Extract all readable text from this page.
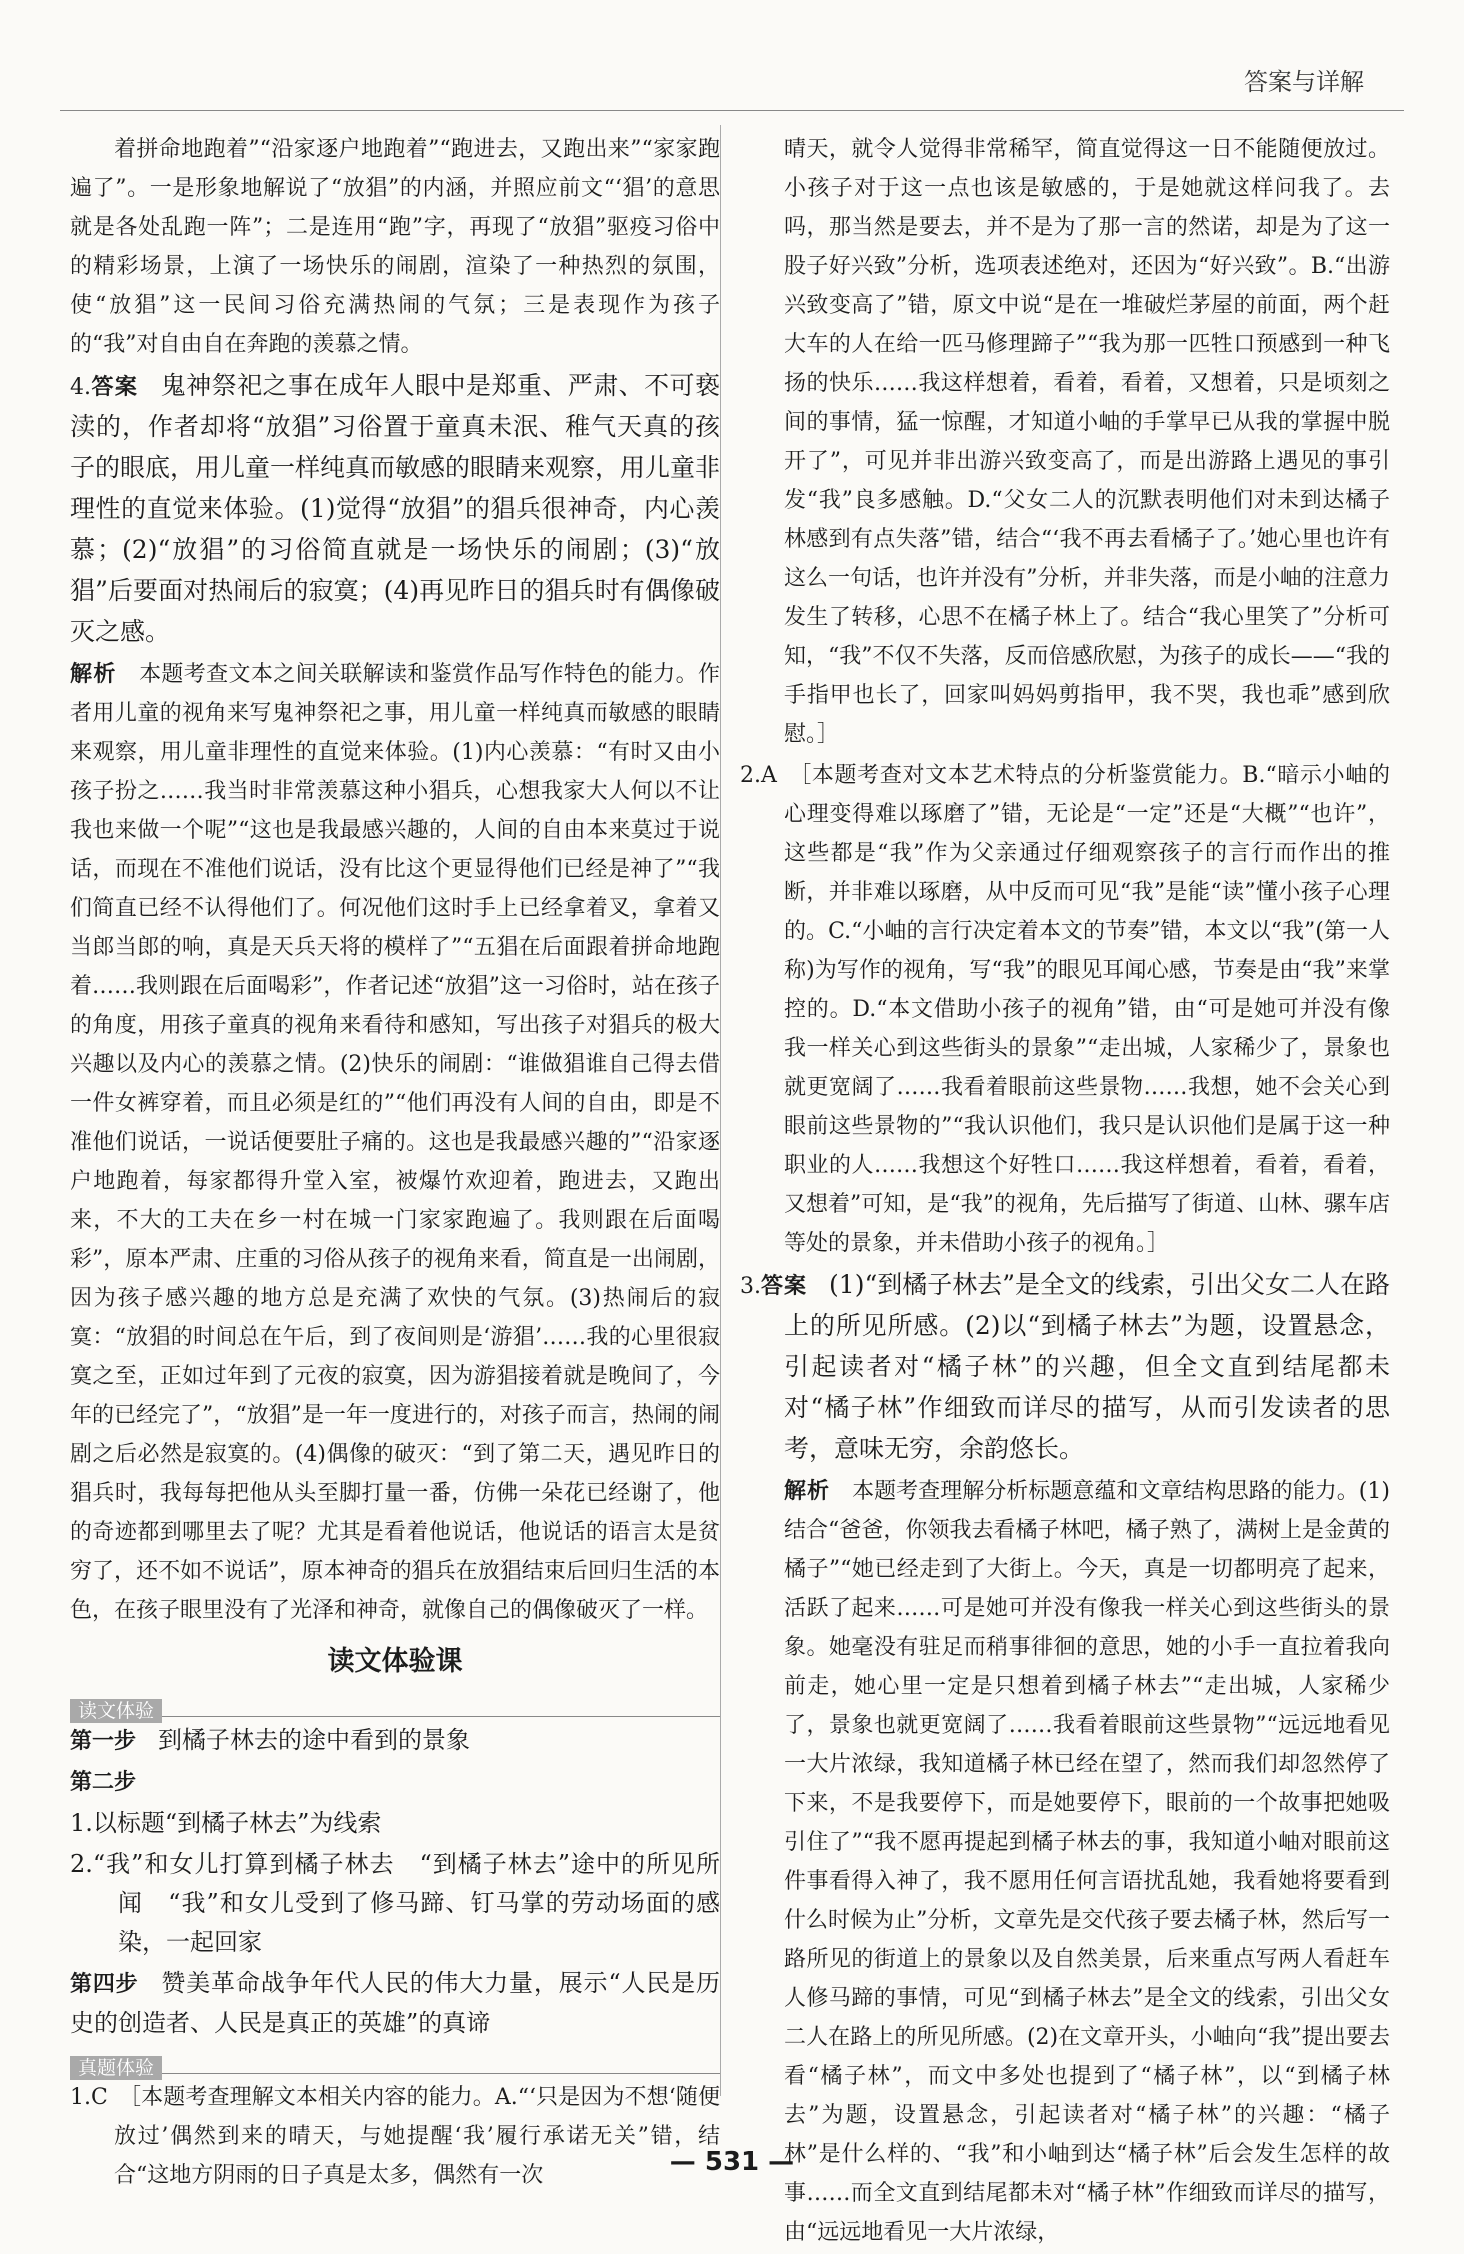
答案与详解

着拼命地跑着”“沿家逐户地跑着”“跑进去，又跑出来”“家家跑遍了”。一是形象地解说了“放猖”的内涵，并照应前文“‘猖’的意思就是各处乱跑一阵”；二是连用“跑”字，再现了“放猖”驱疫习俗中的精彩场景，上演了一场快乐的闹剧，渲染了一种热烈的氛围，使“放猖”这一民间习俗充满热闹的气氛；三是表现作为孩子的“我”对自由自在奔跑的羡慕之情。

4.答案　 鬼神祭祀之事在成年人眼中是郑重、严肃、不可亵渎的，作者却将“放猖”习俗置于童真未泯、稚气天真的孩子的眼底，用儿童一样纯真而敏感的眼睛来观察，用儿童非理性的直觉来体验。(1)觉得“放猖”的猖兵很神奇，内心羡慕；(2)“放猖”的习俗简直就是一场快乐的闹剧；(3)“放猖”后要面对热闹后的寂寞；(4)再见昨日的猖兵时有偶像破灭之感。

解析　 本题考查文本之间关联解读和鉴赏作品写作特色的能力。作者用儿童的视角来写鬼神祭祀之事，用儿童一样纯真而敏感的眼睛来观察，用儿童非理性的直觉来体验。(1)内心羡慕：“有时又由小孩子扮之……我当时非常羡慕这种小猖兵，心想我家大人何以不让我也来做一个呢”“这也是我最感兴趣的，人间的自由本来莫过于说话，而现在不准他们说话，没有比这个更显得他们已经是神了”“我们简直已经不认得他们了。何况他们这时手上已经拿着叉，拿着又当郎当郎的响，真是天兵天将的模样了”“五猖在后面跟着拼命地跑着……我则跟在后面喝彩”，作者记述“放猖”这一习俗时，站在孩子的角度，用孩子童真的视角来看待和感知，写出孩子对猖兵的极大兴趣以及内心的羡慕之情。(2)快乐的闹剧：“谁做猖谁自己得去借一件女裤穿着，而且必须是红的”“他们再没有人间的自由，即是不准他们说话，一说话便要肚子痛的。这也是我最感兴趣的”“沿家逐户地跑着，每家都得升堂入室，被爆竹欢迎着，跑进去，又跑出来，不大的工夫在乡一村在城一门家家跑遍了。我则跟在后面喝彩”，原本严肃、庄重的习俗从孩子的视角来看，简直是一出闹剧，因为孩子感兴趣的地方总是充满了欢快的气氛。(3)热闹后的寂寞：“放猖的时间总在午后，到了夜间则是‘游猖’……我的心里很寂寞之至，正如过年到了元夜的寂寞，因为游猖接着就是晚间了，今年的已经完了”，“放猖”是一年一度进行的，对孩子而言，热闹的闹剧之后必然是寂寞的。(4)偶像的破灭：“到了第二天，遇见昨日的猖兵时，我每每把他从头至脚打量一番，仿佛一朵花已经谢了，他的奇迹都到哪里去了呢？尤其是看着他说话，他说话的语言太是贫穷了，还不如不说话”，原本神奇的猖兵在放猖结束后回归生活的本色，在孩子眼里没有了光泽和神奇，就像自己的偶像破灭了一样。

读文体验课
读文体验

第一步　 到橘子林去的途中看到的景象

第二步

1.以标题“到橘子林去”为线索

2.“我”和女儿打算到橘子林去　“到橘子林去”途中的所见所闻　“我”和女儿受到了修马蹄、钉马掌的劳动场面的感染，一起回家

第四步　 赞美革命战争年代人民的伟大力量，展示“人民是历史的创造者、人民是真正的英雄”的真谛

真题体验

1.C　 ［本题考查理解文本相关内容的能力。A.“‘只是因为不想‘随便放过’偶然到来的晴天，与她提醒‘我’履行承诺无关”错，结合“这地方阴雨的日子真是太多，偶然有一次

晴天，就令人觉得非常稀罕，简直觉得这一日不能随便放过。小孩子对于这一点也该是敏感的，于是她就这样问我了。去吗，那当然是要去，并不是为了那一言的然诺，却是为了这一股子好兴致”分析，选项表述绝对，还因为“好兴致”。B.“出游兴致变高了”错，原文中说“是在一堆破烂茅屋的前面，两个赶大车的人在给一匹马修理蹄子”“我为那一匹牲口预感到一种飞扬的快乐……我这样想着，看着，看着，又想着，只是顷刻之间的事情，猛一惊醒，才知道小岫的手掌早已从我的掌握中脱开了”，可见并非出游兴致变高了，而是出游路上遇见的事引发“我”良多感触。D.“父女二人的沉默表明他们对未到达橘子林感到有点失落”错，结合“‘我不再去看橘子了。’她心里也许有这么一句话，也许并没有”分析，并非失落，而是小岫的注意力发生了转移，心思不在橘子林上了。结合“我心里笑了”分析可知，“我”不仅不失落，反而倍感欣慰，为孩子的成长——“我的手指甲也长了，回家叫妈妈剪指甲，我不哭，我也乖”感到欣慰。］

2.A　 ［本题考查对文本艺术特点的分析鉴赏能力。B.“暗示小岫的心理变得难以琢磨了”错，无论是“一定”还是“大概”“也许”，这些都是“我”作为父亲通过仔细观察孩子的言行而作出的推断，并非难以琢磨，从中反而可见“我”是能“读”懂小孩子心理的。C.“小岫的言行决定着本文的节奏”错，本文以“我”(第一人称)为写作的视角，写“我”的眼见耳闻心感，节奏是由“我”来掌控的。D.“本文借助小孩子的视角”错，由“可是她可并没有像我一样关心到这些街头的景象”“走出城，人家稀少了，景象也就更宽阔了……我看着眼前这些景物……我想，她不会关心到眼前这些景物的”“我认识他们，我只是认识他们是属于这一种职业的人……我想这个好牲口……我这样想着，看着，看着，又想着”可知，是“我”的视角，先后描写了街道、山林、骡车店等处的景象，并未借助小孩子的视角。］

3.答案　 (1)“到橘子林去”是全文的线索，引出父女二人在路上的所见所感。(2)以“到橘子林去”为题，设置悬念，引起读者对“橘子林”的兴趣，但全文直到结尾都未对“橘子林”作细致而详尽的描写，从而引发读者的思考，意味无穷，余韵悠长。

解析　 本题考查理解分析标题意蕴和文章结构思路的能力。(1)结合“爸爸，你领我去看橘子林吧，橘子熟了，满树上是金黄的橘子”“她已经走到了大街上。今天，真是一切都明亮了起来，活跃了起来……可是她可并没有像我一样关心到这些街头的景象。她毫没有驻足而稍事徘徊的意思，她的小手一直拉着我向前走，她心里一定是只想着到橘子林去”“走出城，人家稀少了，景象也就更宽阔了……我看着眼前这些景物”“远远地看见一大片浓绿，我知道橘子林已经在望了，然而我们却忽然停了下来，不是我要停下，而是她要停下，眼前的一个故事把她吸引住了”“我不愿再提起到橘子林去的事，我知道小岫对眼前这件事看得入神了，我不愿用任何言语扰乱她，我看她将要看到什么时候为止”分析，文章先是交代孩子要去橘子林，然后写一路所见的街道上的景象以及自然美景，后来重点写两人看赶车人修马蹄的事情，可见“到橘子林去”是全文的线索，引出父女二人在路上的所见所感。(2)在文章开头，小岫向“我”提出要去看“橘子林”，而文中多处也提到了“橘子林”，以“到橘子林去”为题，设置悬念，引起读者对“橘子林”的兴趣：“橘子林”是什么样的、“我”和小岫到达“橘子林”后会发生怎样的故事……而全文直到结尾都未对“橘子林”作细致而详尽的描写，由“远远地看见一大片浓绿，

— 531 —
